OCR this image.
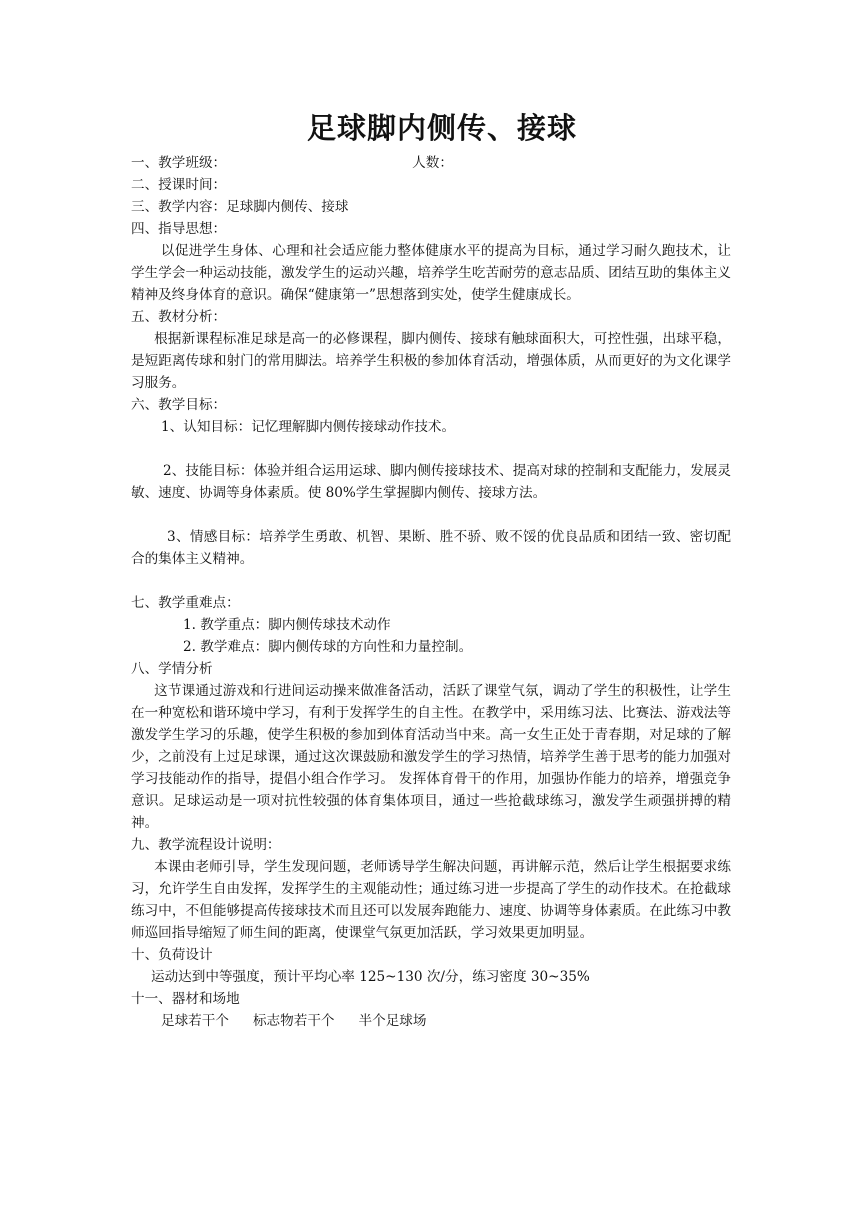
足球脚内侧传、接球
一、教学班级：	人数：
二、授课时间：
三、教学内容：足球脚内侧传、接球
四、指导思想：
以促进学生身体、心理和社会适应能力整体健康水平的提高为目标，通过学习耐久跑技术，让学生学会一种运动技能，激发学生的运动兴趣，培养学生吃苦耐劳的意志品质、团结互助的集体主义精神及终身体育的意识。确保“健康第一”思想落到实处，使学生健康成长。
五、教材分析：
根据新课程标准足球是高一的必修课程，脚内侧传、接球有触球面积大，可控性强，出球平稳，是短距离传球和射门的常用脚法。培养学生积极的参加体育活动，增强体质，从而更好的为文化课学习服务。
六、教学目标：
1、认知目标：记忆理解脚内侧传接球动作技术。
2、技能目标：体验并组合运用运球、脚内侧传接球技术、提高对球的控制和支配能力，发展灵敏、速度、协调等身体素质。使 80%学生掌握脚内侧传、接球方法。
3、情感目标：培养学生勇敢、机智、果断、胜不骄、败不馁的优良品质和团结一致、密切配合的集体主义精神。
七、教学重难点：
1. 教学重点：脚内侧传球技术动作
2. 教学难点：脚内侧传球的方向性和力量控制。
八、学情分析
这节课通过游戏和行进间运动操来做准备活动，活跃了课堂气氛，调动了学生的积极性，让学生在一种宽松和谐环境中学习，有利于发挥学生的自主性。在教学中，采用练习法、比赛法、游戏法等激发学生学习的乐趣，使学生积极的参加到体育活动当中来。高一女生正处于青春期，对足球的了解少，之前没有上过足球课，通过这次课鼓励和激发学生的学习热情，培养学生善于思考的能力加强对学习技能动作的指导，提倡小组合作学习。 发挥体育骨干的作用，加强协作能力的培养，增强竞争意识。足球运动是一项对抗性较强的体育集体项目，通过一些抢截球练习，激发学生顽强拼搏的精神。
九、教学流程设计说明：
本课由老师引导，学生发现问题，老师诱导学生解决问题，再讲解示范，然后让学生根据要求练习，允许学生自由发挥，发挥学生的主观能动性；通过练习进一步提高了学生的动作技术。在抢截球练习中，不但能够提高传接球技术而且还可以发展奔跑能力、速度、协调等身体素质。在此练习中教师巡回指导缩短了师生间的距离，使课堂气氛更加活跃，学习效果更加明显。
十、负荷设计
运动达到中等强度，预计平均心率 125~130 次/分，练习密度 30~35%
十一、器材和场地
足球若干个 标志物若干个 半个足球场
